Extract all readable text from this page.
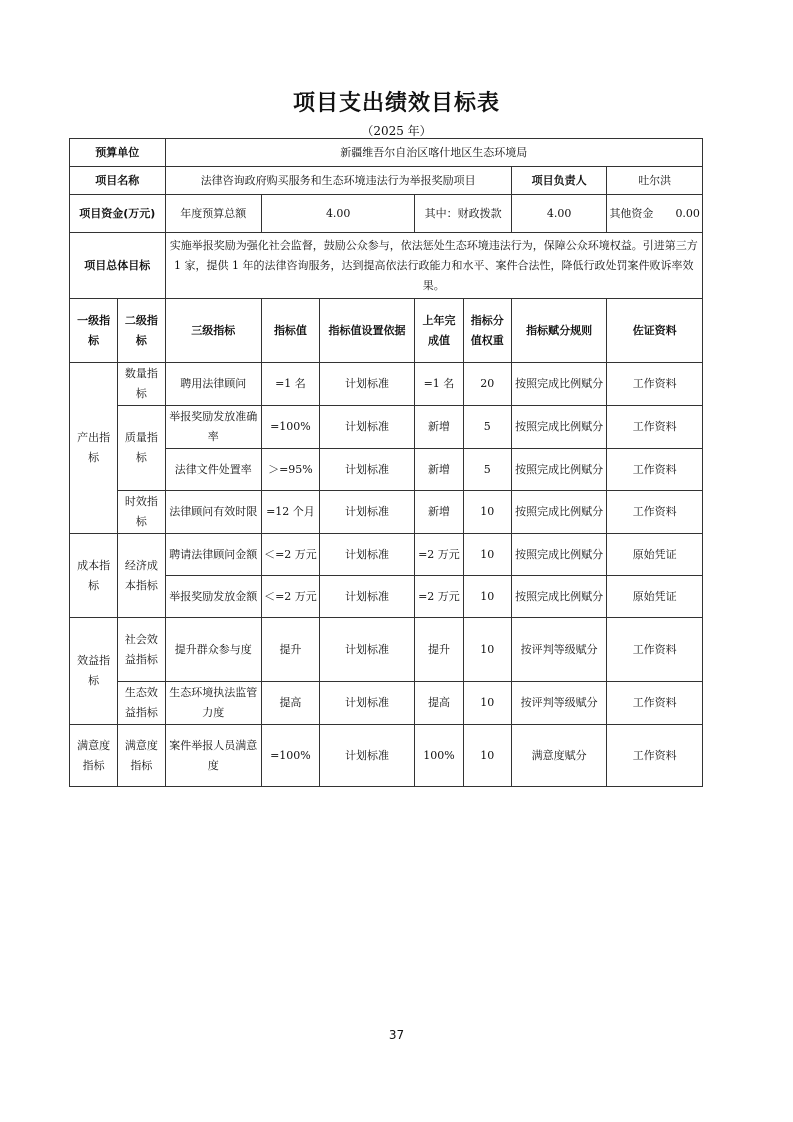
项目支出绩效目标表
（2025 年）
预算单位		新疆维吾尔自治区喀什地区生态环境局						
项目名称		法律咨询政府购买服务和生态环境违法行为举报奖励项目					项目负责人	吐尔洪
项目资金(万元)		年度预算总额	4.00		其中：财政拨款		4.00	其他资金　　 0.00
项目总体目标		实施举报奖励为强化社会监督，鼓励公众参与，依法惩处生态环境违法行为，保障公众环境权益。引进第三方 1 家，提供 1 年的法律咨询服务，达到提高依法行政能力和水平、案件合法性，降低行政处罚案件败诉率效果。						
一级指标	二级指标	三级指标	指标值	指标值设置依据	上年完成值	指标分值权重	指标赋分规则	佐证资料
产出指标	数量指标	聘用法律顾问	=1 名	计划标准	=1 名	20	按照完成比例赋分	工作资料
	质量指标	举报奖励发放准确率	=100%	计划标准	新增	5	按照完成比例赋分	工作资料
		法律文件处置率	＞=95%	计划标准	新增	5	按照完成比例赋分	工作资料
	时效指标	法律顾问有效时限	=12 个月	计划标准	新增	10	按照完成比例赋分	工作资料
成本指标	经济成本指标	聘请法律顾问金额	＜=2 万元	计划标准	=2 万元	10	按照完成比例赋分	原始凭证
		举报奖励发放金额	＜=2 万元	计划标准	=2 万元	10	按照完成比例赋分	原始凭证
效益指标	社会效益指标	提升群众参与度	提升	计划标准	提升	10	按评判等级赋分	工作资料
	生态效益指标	生态环境执法监管力度	提高	计划标准	提高	10	按评判等级赋分	工作资料
满意度指标	满意度指标	案件举报人员满意度	=100%	计划标准	100%	10	满意度赋分	工作资料
37
